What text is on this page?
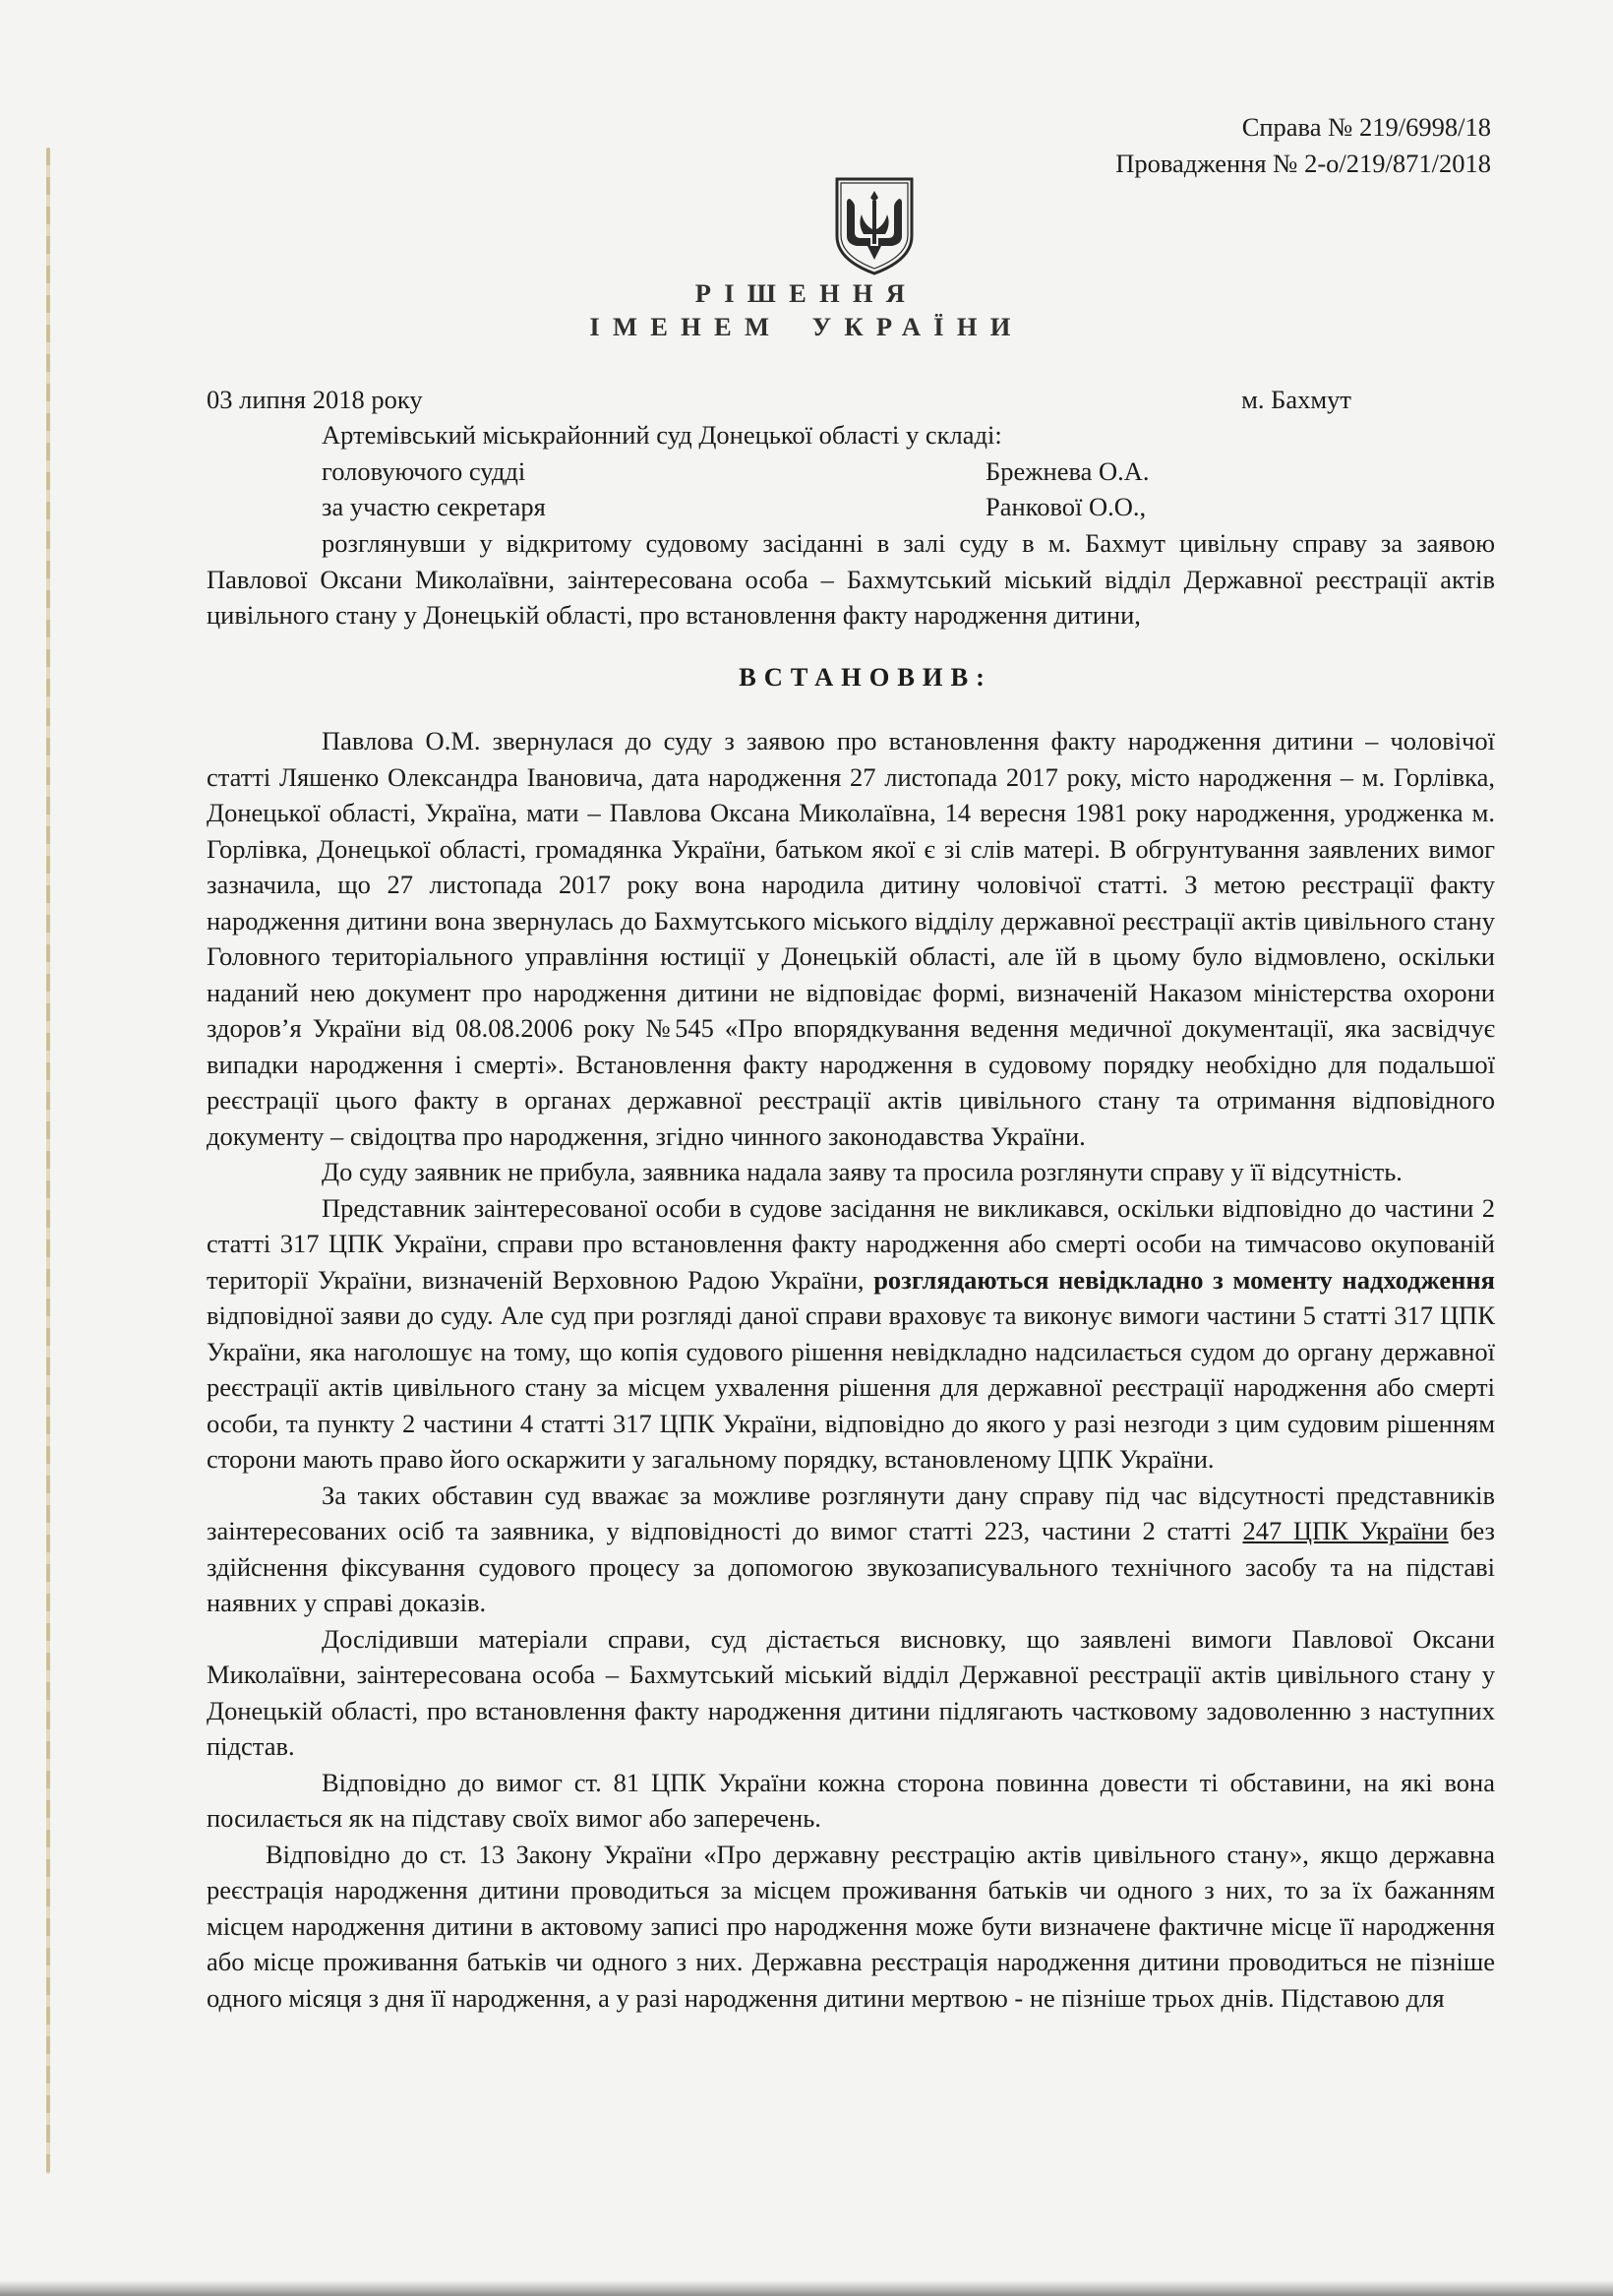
Справа № 219/6998/18
Провадження № 2-о/219/871/2018
РІШЕННЯ
ІМЕНЕМ УКРАЇНИ
03 липня 2018 року	м. Бахмут
Артемівський міськрайонний суд Донецької області у складі:
головуючого судді	Брежнева О.А.
за участю секретаря	Ранкової О.О.,

розглянувши у відкритому судовому засіданні в залі суду в м. Бахмут цивільну справу за заявою Павлової Оксани Миколаївни, заінтересована особа – Бахмутський міський відділ Державної реєстрації актів цивільного стану у Донецькій області, про встановлення факту народження дитини,

ВСТАНОВИВ:

Павлова О.М. звернулася до суду з заявою про встановлення факту народження дитини – чоловічої статті Ляшенко Олександра Івановича, дата народження 27 листопада 2017 року, місто народження – м. Горлівка, Донецької області, Україна, мати – Павлова Оксана Миколаївна, 14 вересня 1981 року народження, уродженка м. Горлівка, Донецької області, громадянка України, батьком якої є зі слів матері. В обгрунтування заявлених вимог зазначила, що 27 листопада 2017 року вона народила дитину чоловічої статті. З метою реєстрації факту народження дитини вона звернулась до Бахмутського міського відділу державної реєстрації актів цивільного стану Головного територіального управління юстиції у Донецькій області, але їй в цьому було відмовлено, оскільки наданий нею документ про народження дитини не відповідає формі, визначеній Наказом міністерства охорони здоров’я України від 08.08.2006 року №545 «Про впорядкування ведення медичної документації, яка засвідчує випадки народження і смерті». Встановлення факту народження в судовому порядку необхідно для подальшої реєстрації цього факту в органах державної реєстрації актів цивільного стану та отримання відповідного документу – свідоцтва про народження, згідно чинного законодавства України.

До суду заявник не прибула, заявника надала заяву та просила розглянути справу у її відсутність.

Представник заінтересованої особи в судове засідання не викликався, оскільки відповідно до частини 2 статті 317 ЦПК України, справи про встановлення факту народження або смерті особи на тимчасово окупованій території України, визначеній Верховною Радою України, розглядаються невідкладно з моменту надходження відповідної заяви до суду. Але суд при розгляді даної справи враховує та виконує вимоги частини 5 статті 317 ЦПК України, яка наголошує на тому, що копія судового рішення невідкладно надсилається судом до органу державної реєстрації актів цивільного стану за місцем ухвалення рішення для державної реєстрації народження або смерті особи, та пункту 2 частини 4 статті 317 ЦПК України, відповідно до якого у разі незгоди з цим судовим рішенням сторони мають право його оскаржити у загальному порядку, встановленому ЦПК України.

За таких обставин суд вважає за можливе розглянути дану справу під час відсутності представників заінтересованих осіб та заявника, у відповідності до вимог статті 223, частини 2 статті 247 ЦПК України без здійснення фіксування судового процесу за допомогою звукозаписувального технічного засобу та на підставі наявних у справі доказів.

Дослідивши матеріали справи, суд дістається висновку, що заявлені вимоги Павлової Оксани Миколаївни, заінтересована особа – Бахмутський міський відділ Державної реєстрації актів цивільного стану у Донецькій області, про встановлення факту народження дитини підлягають частковому задоволенню з наступних підстав.

Відповідно до вимог ст. 81 ЦПК України кожна сторона повинна довести ті обставини, на які вона посилається як на підставу своїх вимог або заперечень.

Відповідно до ст. 13 Закону України «Про державну реєстрацію актів цивільного стану», якщо державна реєстрація народження дитини проводиться за місцем проживання батьків чи одного з них, то за їх бажанням місцем народження дитини в актовому записі про народження може бути визначене фактичне місце її народження або місце проживання батьків чи одного з них. Державна реєстрація народження дитини проводиться не пізніше одного місяця з дня її народження, а у разі народження дитини мертвою - не пізніше трьох днів. Підставою для
